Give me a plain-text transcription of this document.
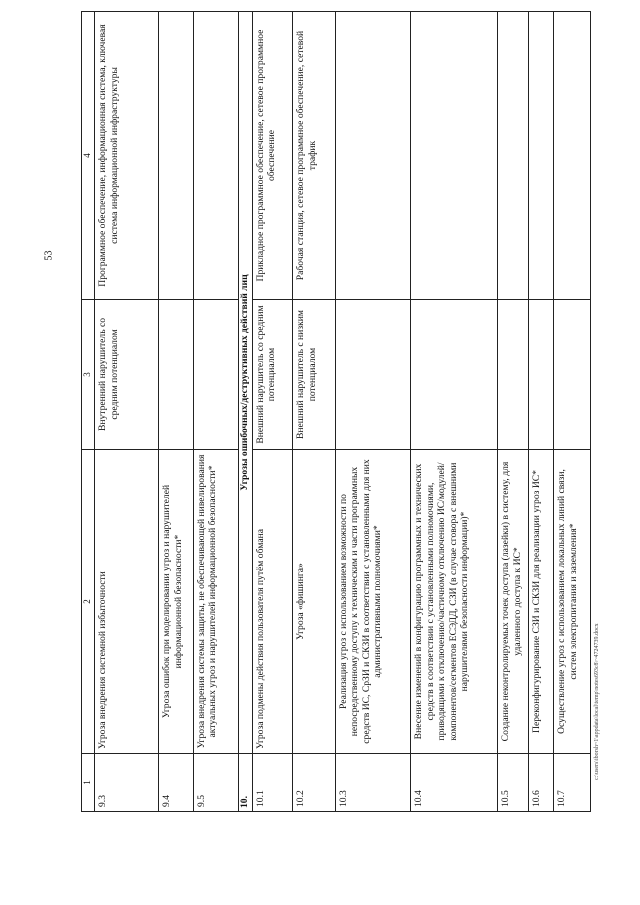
53
1	2	3	4
9.3	Угроза внедрения системной избыточности	Внутренний нарушитель со средним потенциалом	Программное обеспечение, информационная система, ключевая система информационной инфраструктуры
9.4	Угроза ошибок при моделировании угроз и нарушителей информационной безопасности*		
9.5	Угроза внедрения системы защиты, не обеспечивающей нивелирования актуальных угроз и нарушителей информационной безопасности*		
10.	Угрозы ошибочных/деструктивных действий лиц		
10.1	Угроза подмены действия пользователя путём обмана	Внешний нарушитель со средним потенциалом	Прикладное программное обеспечение, сетевое программное обеспечение
10.2	Угроза «фишинга»	Внешний нарушитель с низким потенциалом	Рабочая станция, сетевое программное обеспечение, сетевой трафик
10.3	Реализация угроз с использованием возможности по непосредственному доступу к техническим и части программных средств ИС, СрЗИ и СКЗИ в соответствии с установленными для них административными полномочиями*		
10.4	Внесение изменений в конфигурацию программных и технических средств в соответствии с установленными полномочиями, приводящими к отключению/частичному отключению ИС/модулей/компонентов/сегментов ЕСЭДД, СЗИ (в случае сговора с внешними нарушителями безопасности информации)*		
10.5	Создание неконтролируемых точек доступа (лазейки) в систему, для удаленного доступа к ИС*		
10.6	Переконфигурирование СЗИ и СКЗИ для реализации угроз ИС*		
10.7	Осуществление угроз с использованием локальных линий связи, систем электропитания и заземления*		
c:\users\iborsh~1\appdata\local\temp\notes693c8\~4724739.docx
